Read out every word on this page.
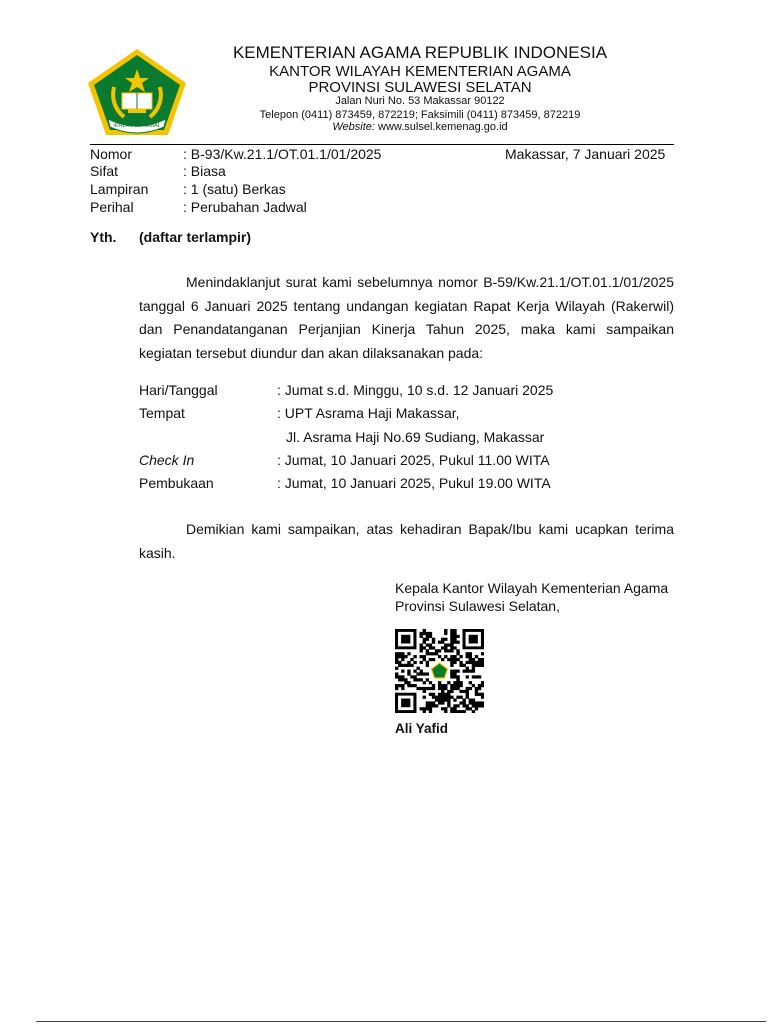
IKHLAS BERAMAL
KEMENTERIAN AGAMA REPUBLIK INDONESIA
KANTOR WILAYAH KEMENTERIAN AGAMA
PROVINSI SULAWESI SELATAN
Jalan Nuri No. 53 Makassar 90122
Telepon (0411) 873459, 872219; Faksimili (0411) 873459, 872219
Website: www.sulsel.kemenag.go.id
Nomor	: B-93/Kw.21.1/OT.01.1/01/2025	Makassar, 7 Januari 2025
Sifat	: Biasa
Lampiran : 1 (satu) Berkas
Perihal	: Perubahan Jadwal
Yth. (daftar terlampir)
Menindaklanjut surat kami sebelumnya nomor B-59/Kw.21.1/OT.01.1/01/2025 tanggal 6 Januari 2025 tentang undangan kegiatan Rapat Kerja Wilayah (Rakerwil) dan Penandatanganan Perjanjian Kinerja Tahun 2025, maka kami sampaikan kegiatan tersebut diundur dan akan dilaksanakan pada:
Hari/Tanggal	: Jumat s.d. Minggu, 10 s.d. 12 Januari 2025
Tempat	: UPT Asrama Haji Makassar,
Jl. Asrama Haji No.69 Sudiang, Makassar
Check In	: Jumat, 10 Januari 2025, Pukul 11.00 WITA
Pembukaan	: Jumat, 10 Januari 2025, Pukul 19.00 WITA
Demikian kami sampaikan, atas kehadiran Bapak/Ibu kami ucapkan terima kasih.
Kepala Kantor Wilayah Kementerian Agama
Provinsi Sulawesi Selatan,
Ali Yafid
